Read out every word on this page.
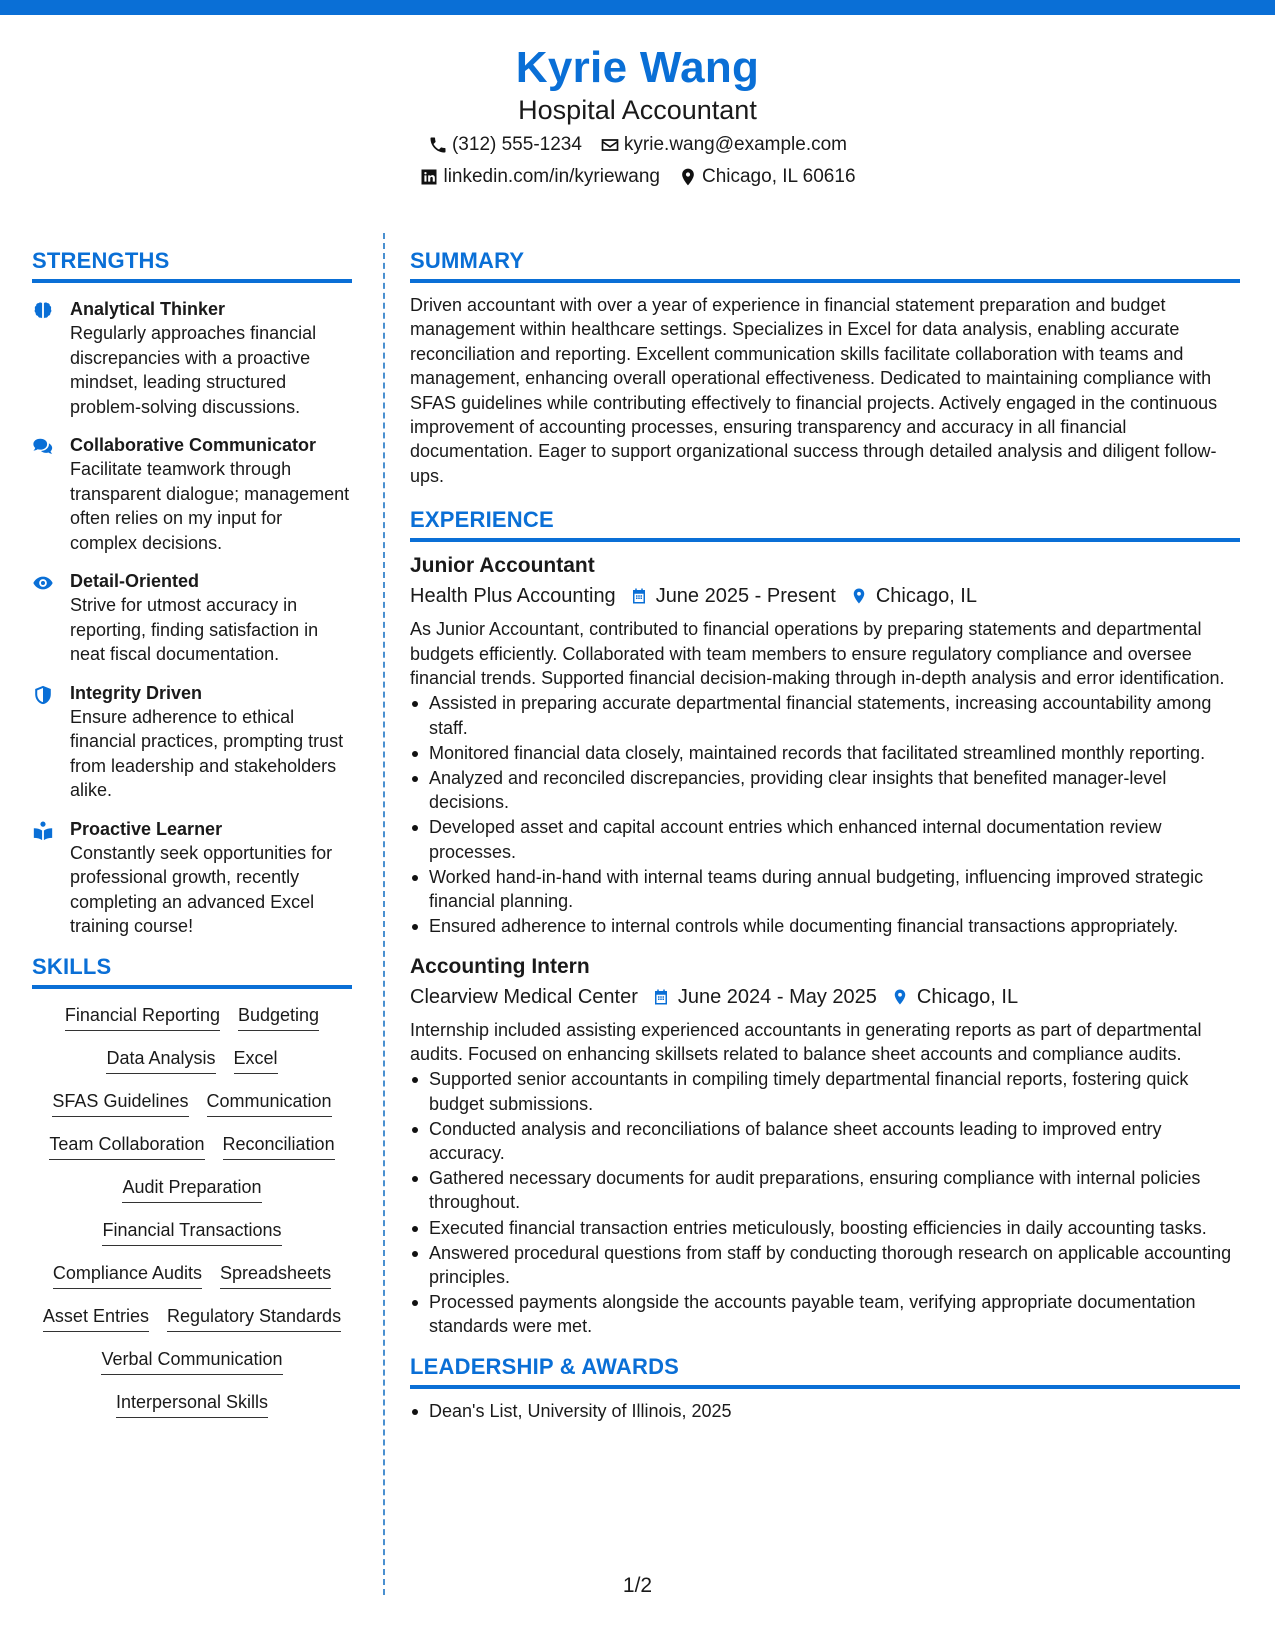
Kyrie Wang
Hospital Accountant
(312) 555-1234 kyrie.wang@example.com
linkedin.com/in/kyriewang Chicago, IL 60616
STRENGTHS
Analytical Thinker
Regularly approaches financial discrepancies with a proactive mindset, leading structured problem-solving discussions.
Collaborative Communicator
Facilitate teamwork through transparent dialogue; management often relies on my input for complex decisions.
Detail-Oriented
Strive for utmost accuracy in reporting, finding satisfaction in neat fiscal documentation.
Integrity Driven
Ensure adherence to ethical financial practices, prompting trust from leadership and stakeholders alike.
Proactive Learner
Constantly seek opportunities for professional growth, recently completing an advanced Excel training course!
SKILLS
Financial Reporting Budgeting
Data Analysis Excel
SFAS Guidelines Communication
Team Collaboration Reconciliation
Audit Preparation
Financial Transactions
Compliance Audits Spreadsheets
Asset Entries Regulatory Standards
Verbal Communication
Interpersonal Skills
SUMMARY
Driven accountant with over a year of experience in financial statement preparation and budget management within healthcare settings. Specializes in Excel for data analysis, enabling accurate reconciliation and reporting. Excellent communication skills facilitate collaboration with teams and management, enhancing overall operational effectiveness. Dedicated to maintaining compliance with SFAS guidelines while contributing effectively to financial projects. Actively engaged in the continuous improvement of accounting processes, ensuring transparency and accuracy in all financial documentation. Eager to support organizational success through detailed analysis and diligent follow-ups.
EXPERIENCE
Junior Accountant
Health Plus Accounting June 2025 - Present Chicago, IL
As Junior Accountant, contributed to financial operations by preparing statements and departmental budgets efficiently. Collaborated with team members to ensure regulatory compliance and oversee financial trends. Supported financial decision-making through in-depth analysis and error identification.
Assisted in preparing accurate departmental financial statements, increasing accountability among staff.
Monitored financial data closely, maintained records that facilitated streamlined monthly reporting.
Analyzed and reconciled discrepancies, providing clear insights that benefited manager-level decisions.
Developed asset and capital account entries which enhanced internal documentation review processes.
Worked hand-in-hand with internal teams during annual budgeting, influencing improved strategic financial planning.
Ensured adherence to internal controls while documenting financial transactions appropriately.
Accounting Intern
Clearview Medical Center June 2024 - May 2025 Chicago, IL
Internship included assisting experienced accountants in generating reports as part of departmental audits. Focused on enhancing skillsets related to balance sheet accounts and compliance audits.
Supported senior accountants in compiling timely departmental financial reports, fostering quick budget submissions.
Conducted analysis and reconciliations of balance sheet accounts leading to improved entry accuracy.
Gathered necessary documents for audit preparations, ensuring compliance with internal policies throughout.
Executed financial transaction entries meticulously, boosting efficiencies in daily accounting tasks.
Answered procedural questions from staff by conducting thorough research on applicable accounting principles.
Processed payments alongside the accounts payable team, verifying appropriate documentation standards were met.
LEADERSHIP & AWARDS
Dean's List, University of Illinois, 2025
1/2
